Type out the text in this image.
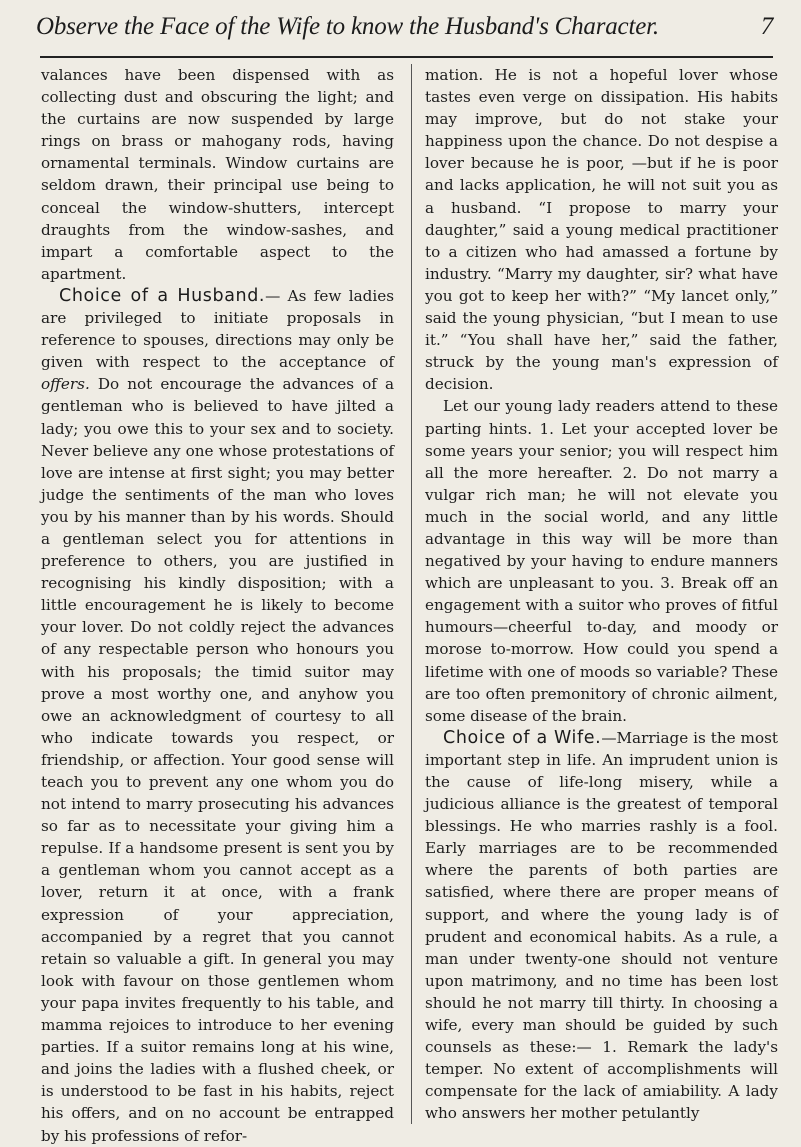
Observe the Face of the Wife to know the Husband's Character.	7

valances have been dispensed with as collecting dust and obscuring the light; and the curtains are now suspended by large rings on brass or mahogany rods, having ornamental terminals. Window curtains are seldom drawn, their principal use being to conceal the window-shutters, intercept draughts from the window-sashes, and impart a comfortable aspect to the apartment.

Choice of a Husband.— As few ladies are privileged to initiate proposals in reference to spouses, directions may only be given with respect to the acceptance of offers. Do not encourage the advances of a gentleman who is believed to have jilted a lady; you owe this to your sex and to society. Never believe any one whose protestations of love are intense at first sight; you may better judge the sentiments of the man who loves you by his manner than by his words. Should a gentleman select you for attentions in preference to others, you are justified in recognising his kindly disposition; with a little encouragement he is likely to become your lover. Do not coldly reject the advances of any respectable person who honours you with his proposals; the timid suitor may prove a most worthy one, and anyhow you owe an acknowledgment of courtesy to all who indicate towards you respect, or friendship, or affection. Your good sense will teach you to prevent any one whom you do not intend to marry prosecuting his advances so far as to necessitate your giving him a repulse. If a handsome present is sent you by a gentleman whom you cannot accept as a lover, return it at once, with a frank expression of your appreciation, accompanied by a regret that you cannot retain so valuable a gift. In general you may look with favour on those gentlemen whom your papa invites frequently to his table, and mamma rejoices to introduce to her evening parties. If a suitor remains long at his wine, and joins the ladies with a flushed cheek, or is understood to be fast in his habits, reject his offers, and on no account be entrapped by his professions of refor-

mation. He is not a hopeful lover whose tastes even verge on dissipation. His habits may improve, but do not stake your happiness upon the chance. Do not despise a lover because he is poor, —but if he is poor and lacks application, he will not suit you as a husband. “I propose to marry your daughter,” said a young medical practitioner to a citizen who had amassed a fortune by industry. “Marry my daughter, sir? what have you got to keep her with?” “My lancet only,” said the young physician, “but I mean to use it.” “You shall have her,” said the father, struck by the young man's expression of decision.

Let our young lady readers attend to these parting hints. 1. Let your accepted lover be some years your senior; you will respect him all the more hereafter. 2. Do not marry a vulgar rich man; he will not elevate you much in the social world, and any little advantage in this way will be more than negatived by your having to endure manners which are unpleasant to you. 3. Break off an engagement with a suitor who proves of fitful humours—cheerful to-day, and moody or morose to-morrow. How could you spend a lifetime with one of moods so variable? These are too often premonitory of chronic ailment, some disease of the brain.

Choice of a Wife.—Marriage is the most important step in life. An imprudent union is the cause of life-long misery, while a judicious alliance is the greatest of temporal blessings. He who marries rashly is a fool. Early marriages are to be recommended where the parents of both parties are satisfied, where there are proper means of support, and where the young lady is of prudent and economical habits. As a rule, a man under twenty-one should not venture upon matrimony, and no time has been lost should he not marry till thirty. In choosing a wife, every man should be guided by such counsels as these:— 1. Remark the lady's temper. No extent of accomplishments will compensate for the lack of amiability. A lady who answers her mother petulantly
